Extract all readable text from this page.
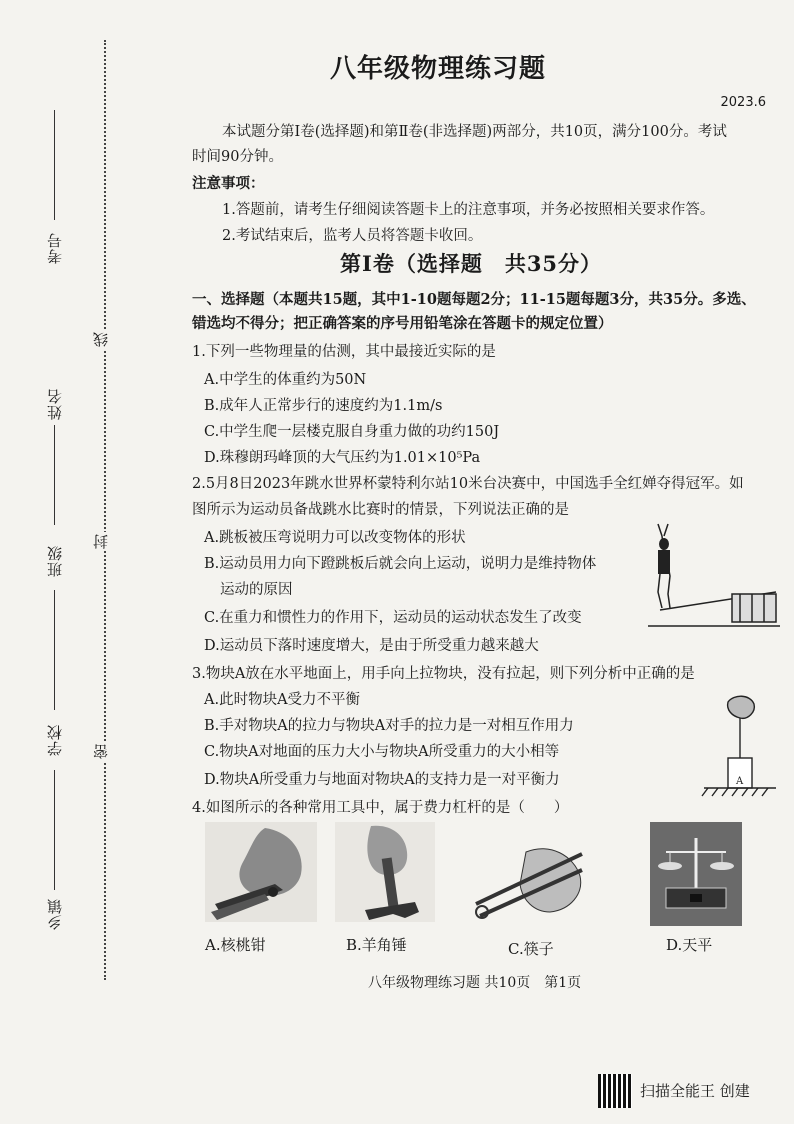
考号
姓名
班级
学校
乡镇
线
封
密
八年级物理练习题
2023.6
本试题分第Ⅰ卷(选择题)和第Ⅱ卷(非选择题)两部分，共10页，满分100分。考试
时间90分钟。
注意事项：
1.答题前，请考生仔细阅读答题卡上的注意事项，并务必按照相关要求作答。
2.考试结束后，监考人员将答题卡收回。
第Ⅰ卷（选择题　共35分）
一、选择题（本题共15题，其中1-10题每题2分；11-15题每题3分，共35分。多选、
错选均不得分；把正确答案的序号用铅笔涂在答题卡的规定位置）
1.下列一些物理量的估测，其中最接近实际的是
A.中学生的体重约为50N
B.成年人正常步行的速度约为1.1m/s
C.中学生爬一层楼克服自身重力做的功约150J
D.珠穆朗玛峰顶的大气压约为1.01×10⁵Pa
2.5月8日2023年跳水世界杯蒙特利尔站10米台决赛中，中国选手全红婵夺得冠军。如
图所示为运动员备战跳水比赛时的情景，下列说法正确的是
A.跳板被压弯说明力可以改变物体的形状
B.运动员用力向下蹬跳板后就会向上运动，说明力是维持物体
运动的原因
C.在重力和惯性力的作用下，运动员的运动状态发生了改变
D.运动员下落时速度增大，是由于所受重力越来越大
3.物块A放在水平地面上，用手向上拉物块，没有拉起，则下列分析中正确的是
A.此时物块A受力不平衡
B.手对物块A的拉力与物块A对手的拉力是一对相互作用力
C.物块A对地面的压力大小与物块A所受重力的大小相等
D.物块A所受重力与地面对物块A的支持力是一对平衡力	A
4.如图所示的各种常用工具中，属于费力杠杆的是（　　）
A.核桃钳	B.羊角锤	C.筷子	D.天平
八年级物理练习题 共10页　第1页
扫描全能王 创建
